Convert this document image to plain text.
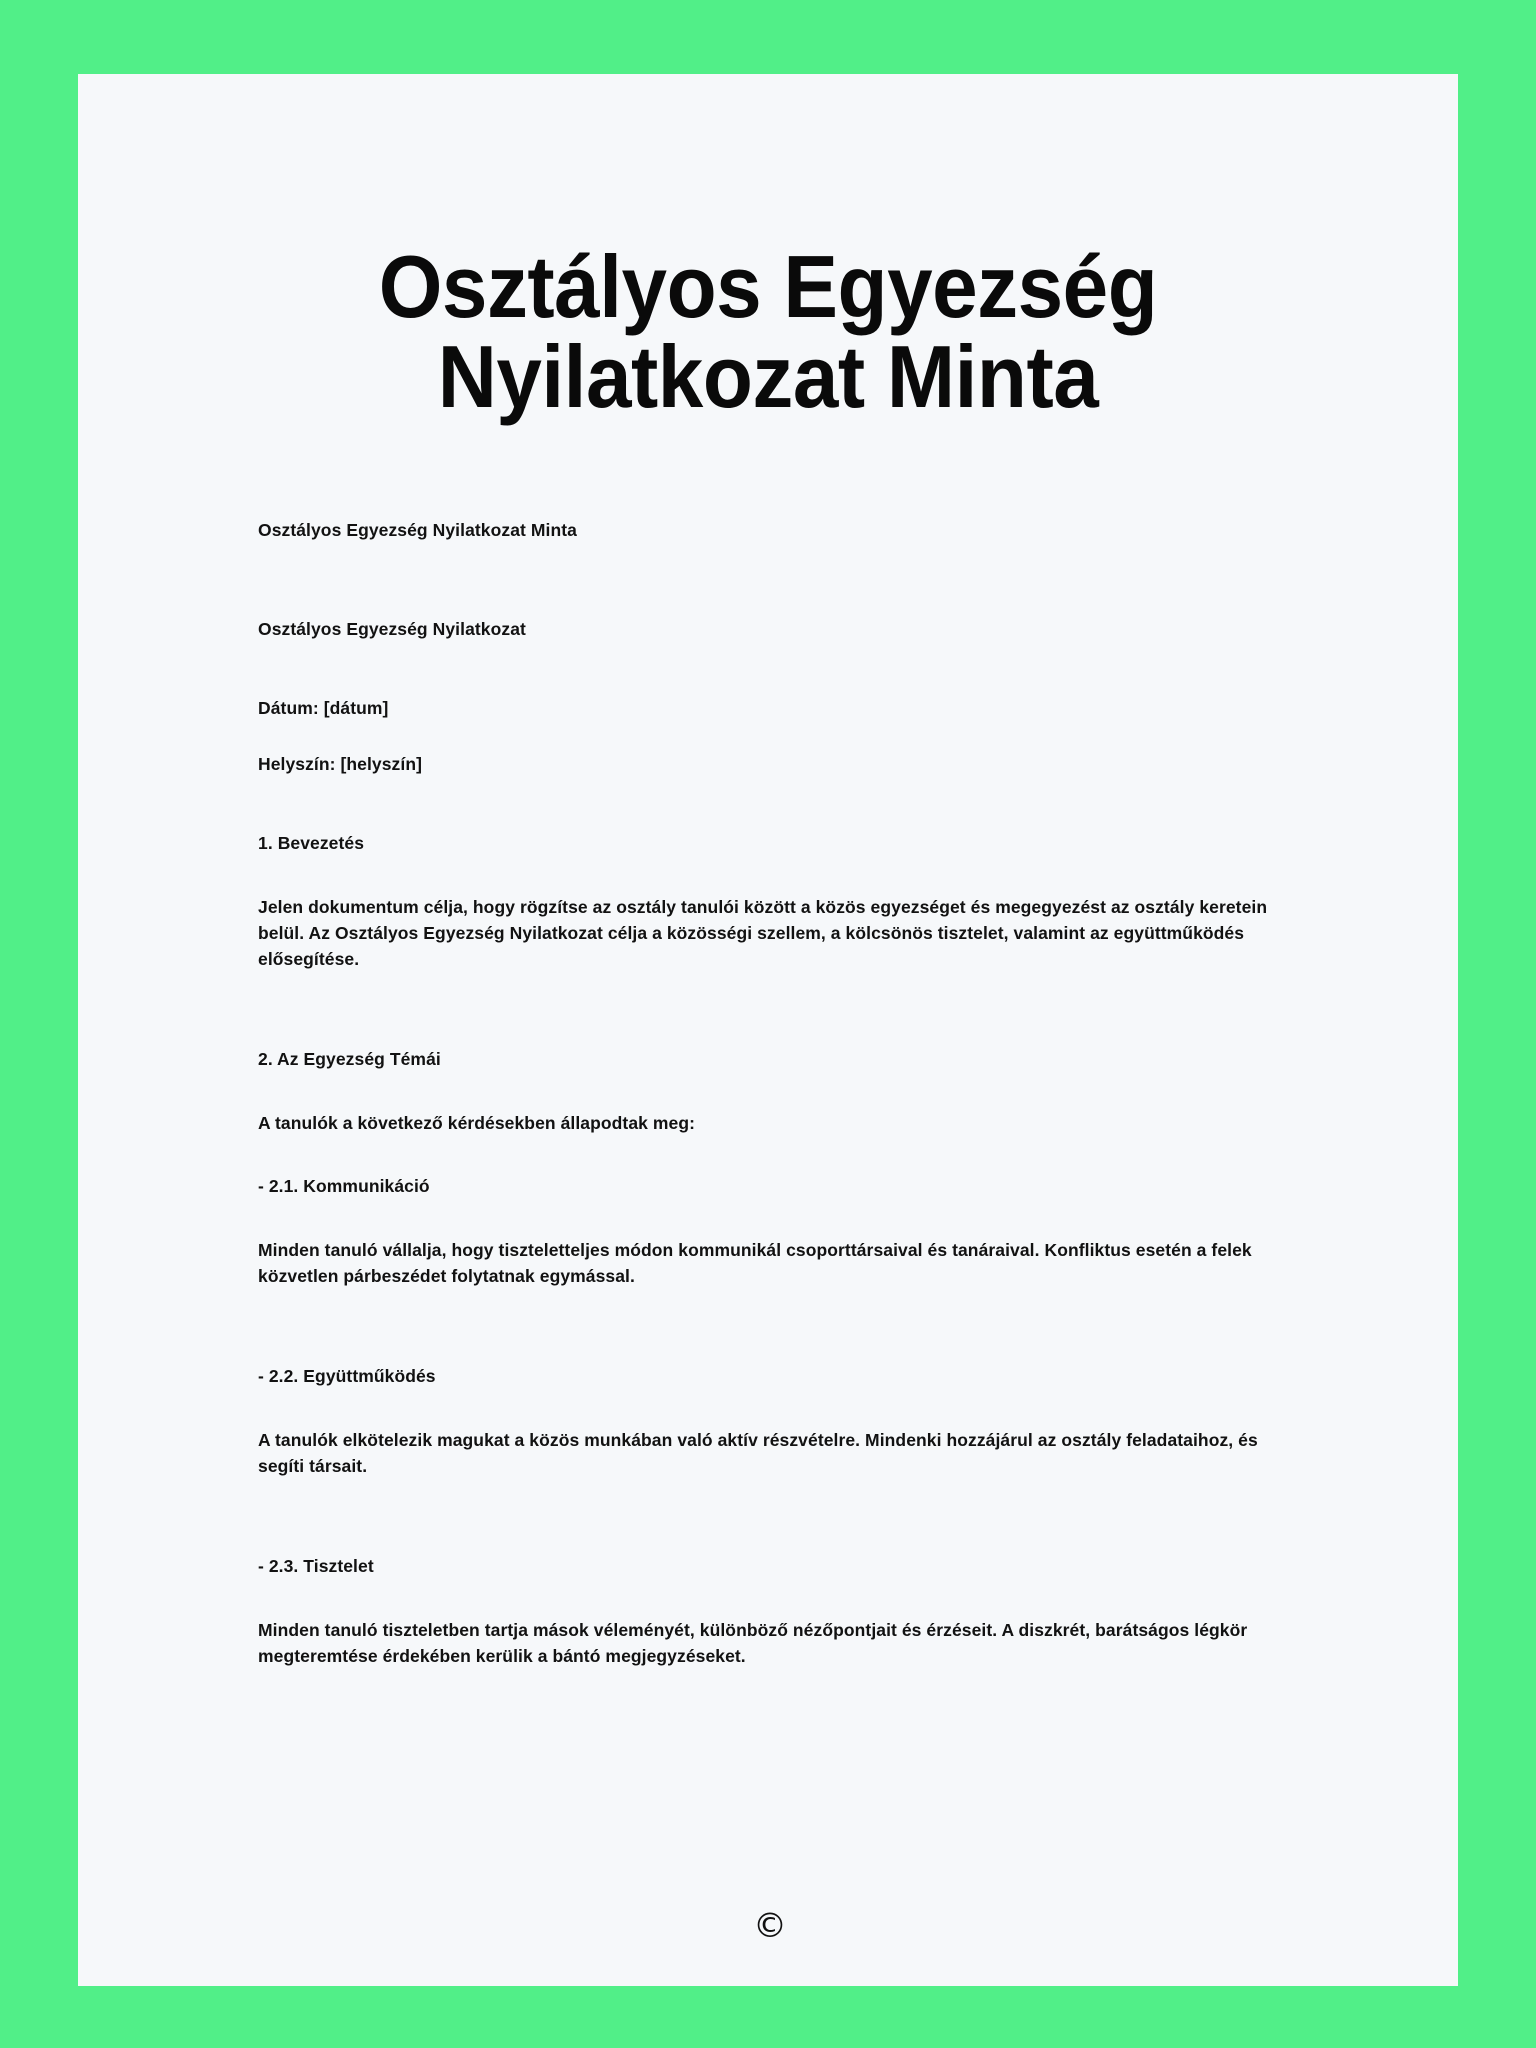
Osztályos Egyezség
Nyilatkozat Minta
Osztályos Egyezség Nyilatkozat Minta
Osztályos Egyezség Nyilatkozat
Dátum: [dátum]
Helyszín: [helyszín]
1. Bevezetés
Jelen dokumentum célja, hogy rögzítse az osztály tanulói között a közös egyezséget és megegyezést az osztály keretein belül. Az Osztályos Egyezség Nyilatkozat célja a közösségi szellem, a kölcsönös tisztelet, valamint az együttműködés elősegítése.
2. Az Egyezség Témái
A tanulók a következő kérdésekben állapodtak meg:
- 2.1. Kommunikáció
Minden tanuló vállalja, hogy tiszteletteljes módon kommunikál csoporttársaival és tanáraival. Konfliktus esetén a felek közvetlen párbeszédet folytatnak egymással.
- 2.2. Együttműködés
A tanulók elkötelezik magukat a közös munkában való aktív részvételre. Mindenki hozzájárul az osztály feladataihoz, és segíti társait.
- 2.3. Tisztelet
Minden tanuló tiszteletben tartja mások véleményét, különböző nézőpontjait és érzéseit. A diszkrét, barátságos légkör megteremtése érdekében kerülik a bántó megjegyzéseket.
©
